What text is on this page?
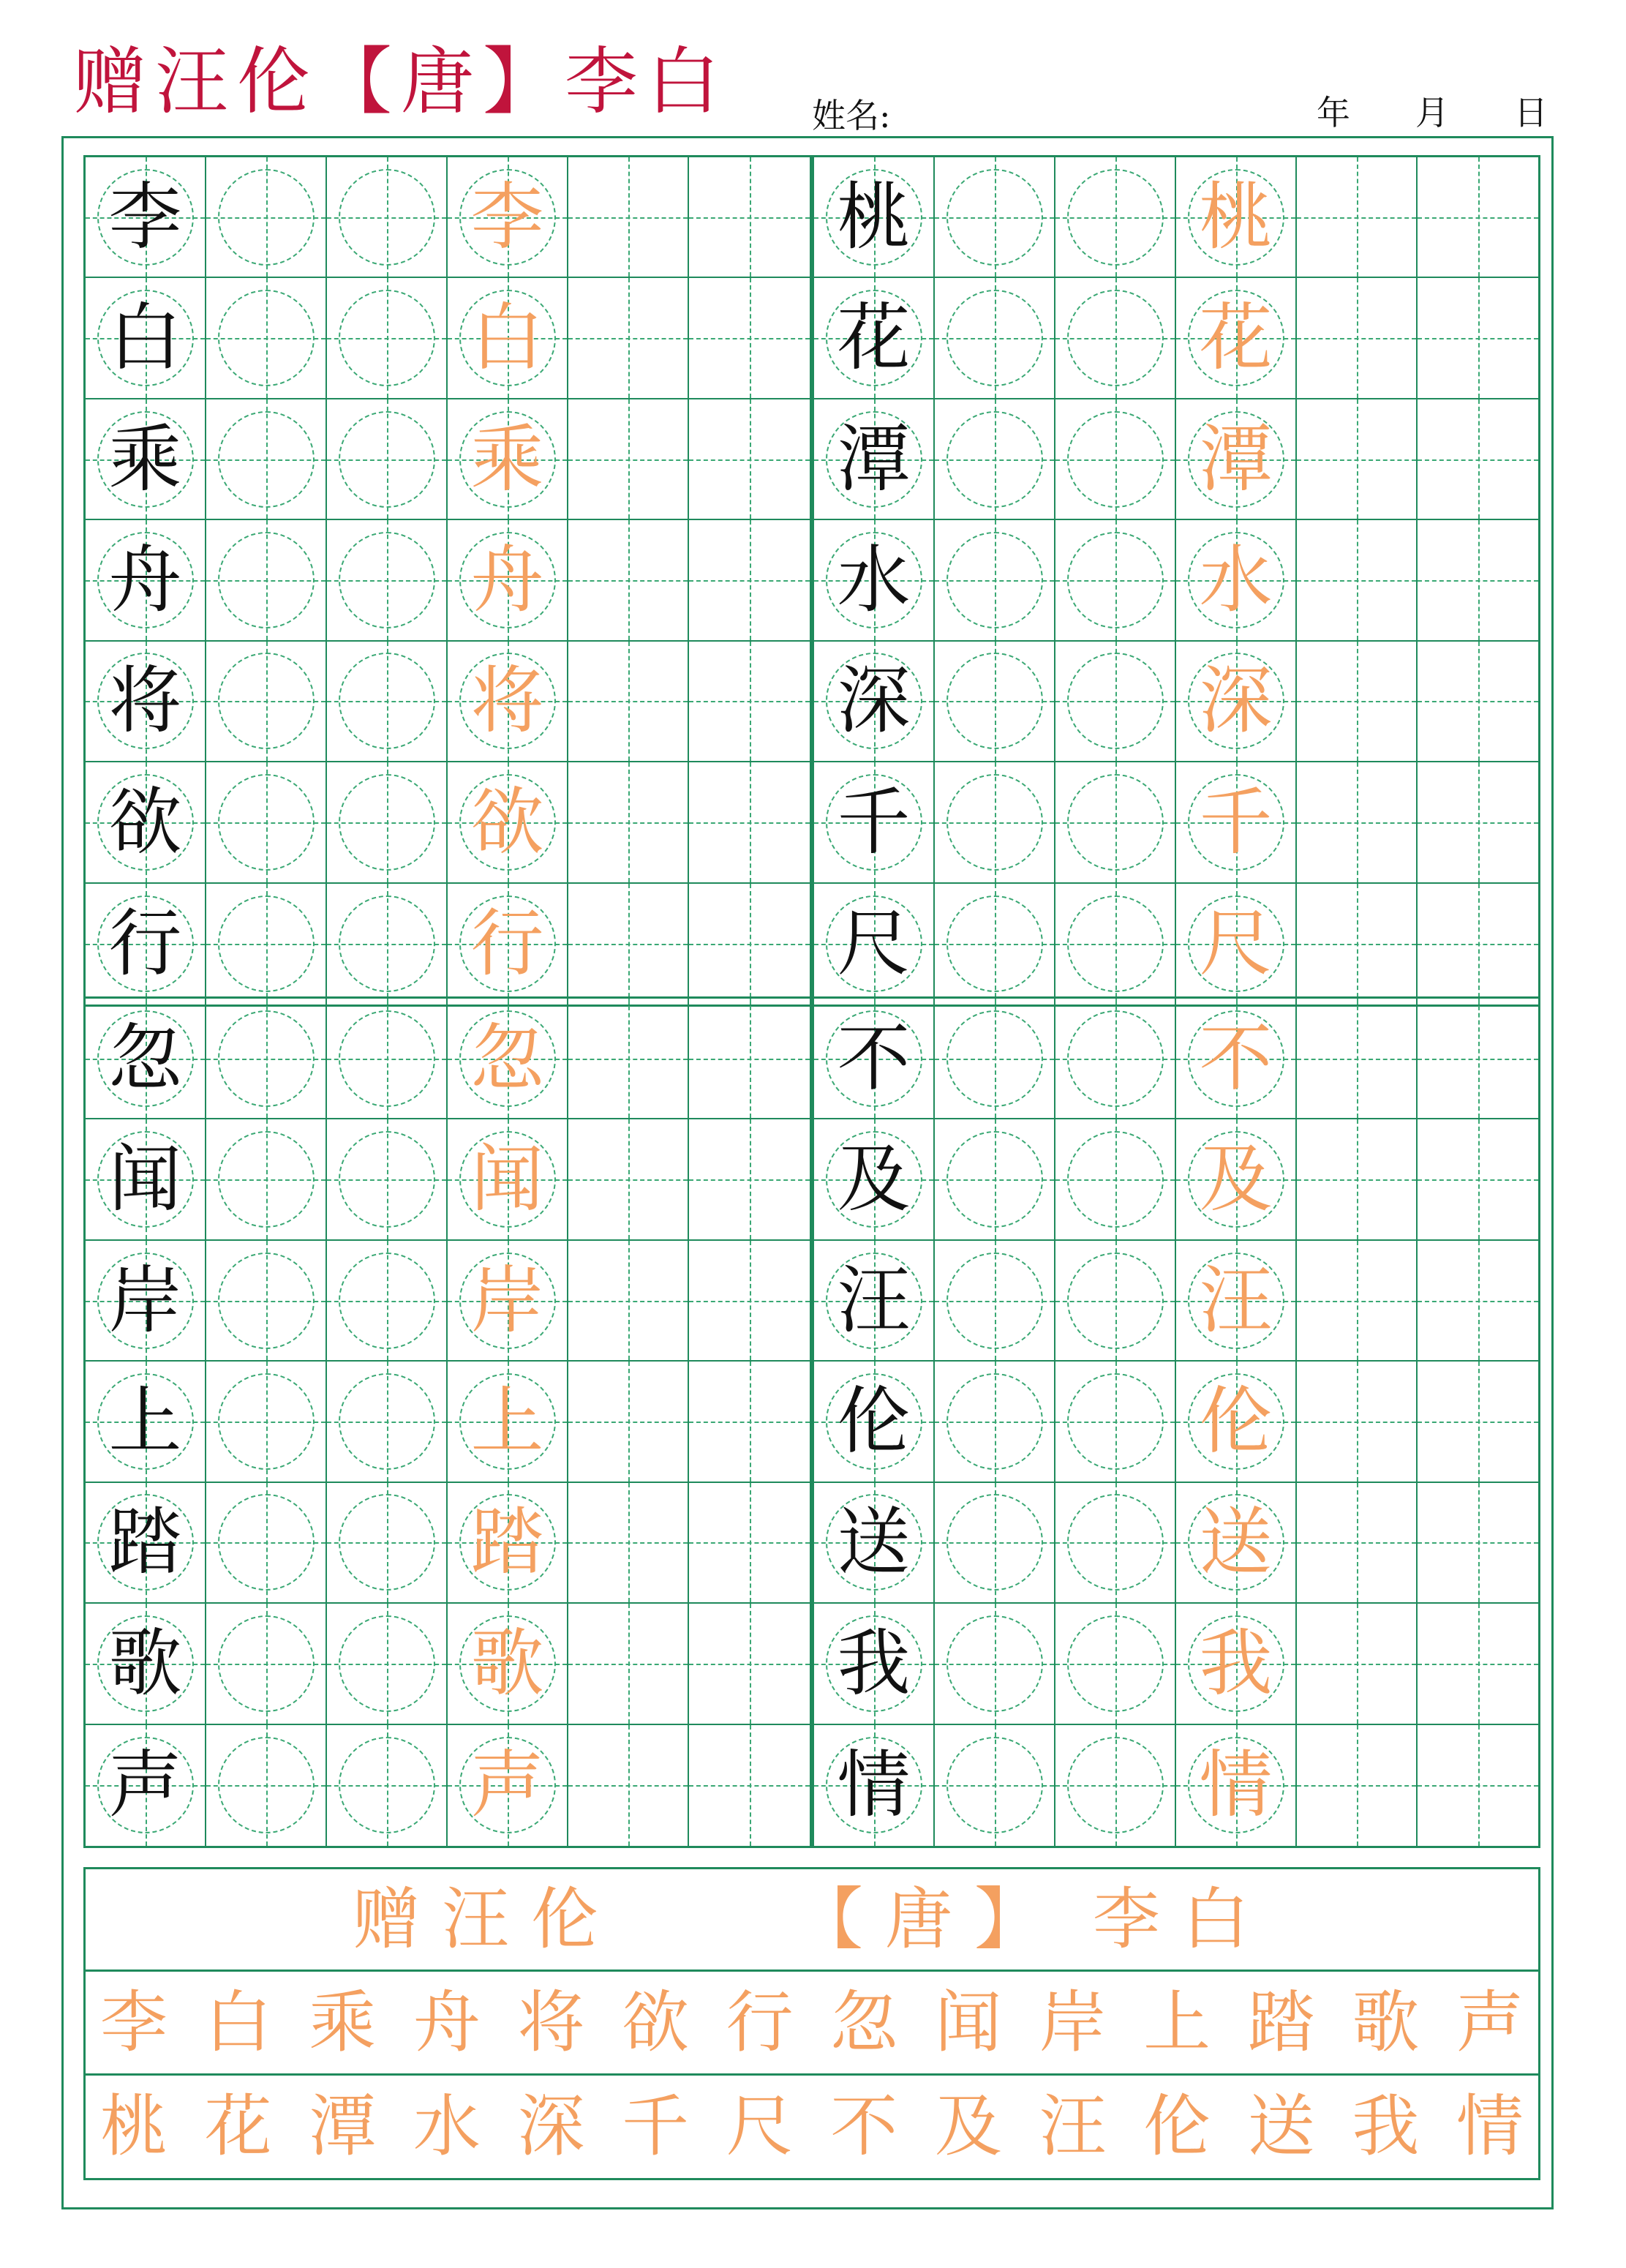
赠汪伦【唐】李白 姓名:	年 月 日
李	李
白	白
乘	乘
舟	舟
将	将
欲	欲
行	行
桃	桃
花	花
潭	潭
水	水
深	深
千	千
尺	尺
忽	忽
闻	闻
岸	岸
上	上
踏	踏
歌	歌
声	声
不	不
及	及
汪	汪
伦	伦
送	送
我	我
情	情
赠汪伦	【唐】 李白
李 白 乘 舟 将 欲 行 忽 闻 岸 上 踏 歌 声
桃 花 潭 水 深 千 尺 不 及 汪 伦 送 我 情
